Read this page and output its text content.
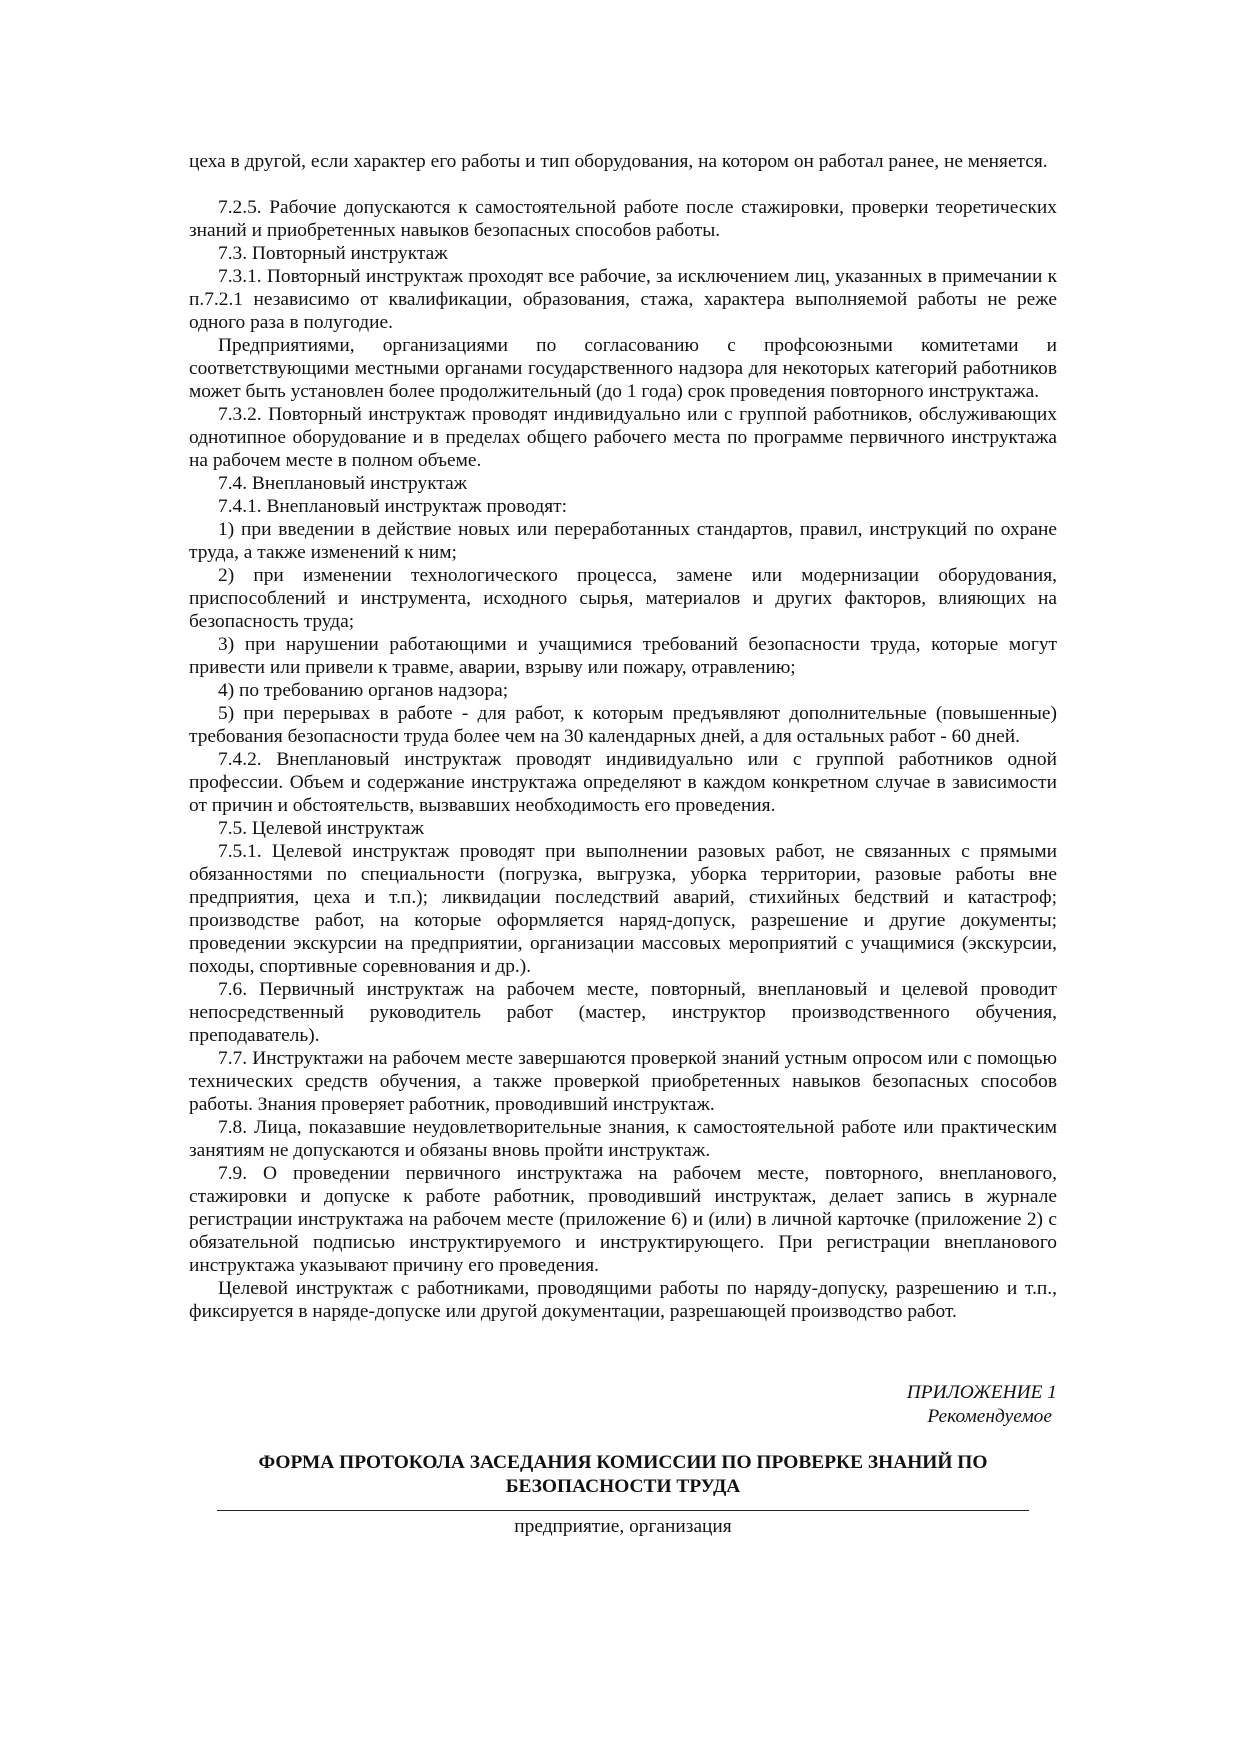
цеха в другой, если характер его работы и тип оборудования, на котором он работал ранее, не меняется.

7.2.5. Рабочие допускаются к самостоятельной работе после стажировки, проверки теоретических знаний и приобретенных навыков безопасных способов работы.

7.3. Повторный инструктаж

7.3.1. Повторный инструктаж проходят все рабочие, за исключением лиц, указанных в примечании к п.7.2.1 независимо от квалификации, образования, стажа, характера выполняемой работы не реже одного раза в полугодие.

Предприятиями, организациями по согласованию с профсоюзными комитетами и соответствующими местными органами государственного надзора для некоторых категорий работников может быть установлен более продолжительный (до 1 года) срок проведения повторного инструктажа.

7.3.2. Повторный инструктаж проводят индивидуально или с группой работников, обслуживающих однотипное оборудование и в пределах общего рабочего места по программе первичного инструктажа на рабочем месте в полном объеме.

7.4. Внеплановый инструктаж

7.4.1. Внеплановый инструктаж проводят:

1) при введении в действие новых или переработанных стандартов, правил, инструкций по охране труда, а также изменений к ним;

2) при изменении технологического процесса, замене или модернизации оборудования, приспособлений и инструмента, исходного сырья, материалов и других факторов, влияющих на безопасность труда;

3) при нарушении работающими и учащимися требований безопасности труда, которые могут привести или привели к травме, аварии, взрыву или пожару, отравлению;

4) по требованию органов надзора;

5) при перерывах в работе - для работ, к которым предъявляют дополнительные (повышенные) требования безопасности труда более чем на 30 календарных дней, а для остальных работ - 60 дней.

7.4.2. Внеплановый инструктаж проводят индивидуально или с группой работников одной профессии. Объем и содержание инструктажа определяют в каждом конкретном случае в зависимости от причин и обстоятельств, вызвавших необходимость его проведения.

7.5. Целевой инструктаж

7.5.1. Целевой инструктаж проводят при выполнении разовых работ, не связанных с прямыми обязанностями по специальности (погрузка, выгрузка, уборка территории, разовые работы вне предприятия, цеха и т.п.); ликвидации последствий аварий, стихийных бедствий и катастроф; производстве работ, на которые оформляется наряд-допуск, разрешение и другие документы; проведении экскурсии на предприятии, организации массовых мероприятий с учащимися (экскурсии, походы, спортивные соревнования и др.).

7.6. Первичный инструктаж на рабочем месте, повторный, внеплановый и целевой проводит непосредственный руководитель работ (мастер, инструктор производственного обучения, преподаватель).

7.7. Инструктажи на рабочем месте завершаются проверкой знаний устным опросом или с помощью технических средств обучения, а также проверкой приобретенных навыков безопасных способов работы. Знания проверяет работник, проводивший инструктаж.

7.8. Лица, показавшие неудовлетворительные знания, к самостоятельной работе или практическим занятиям не допускаются и обязаны вновь пройти инструктаж.

7.9. О проведении первичного инструктажа на рабочем месте, повторного, внепланового, стажировки и допуске к работе работник, проводивший инструктаж, делает запись в журнале регистрации инструктажа на рабочем месте (приложение 6) и (или) в личной карточке (приложение 2) с обязательной подписью инструктируемого и инструктирующего. При регистрации внепланового инструктажа указывают причину его проведения.

Целевой инструктаж с работниками, проводящими работы по наряду-допуску, разрешению и т.п., фиксируется в наряде-допуске или другой документации, разрешающей производство работ.

ПРИЛОЖЕНИЕ 1
Рекомендуемое
ФОРМА ПРОТОКОЛА ЗАСЕДАНИЯ КОМИССИИ ПО ПРОВЕРКЕ ЗНАНИЙ ПО БЕЗОПАСНОСТИ ТРУДА
предприятие, организация
